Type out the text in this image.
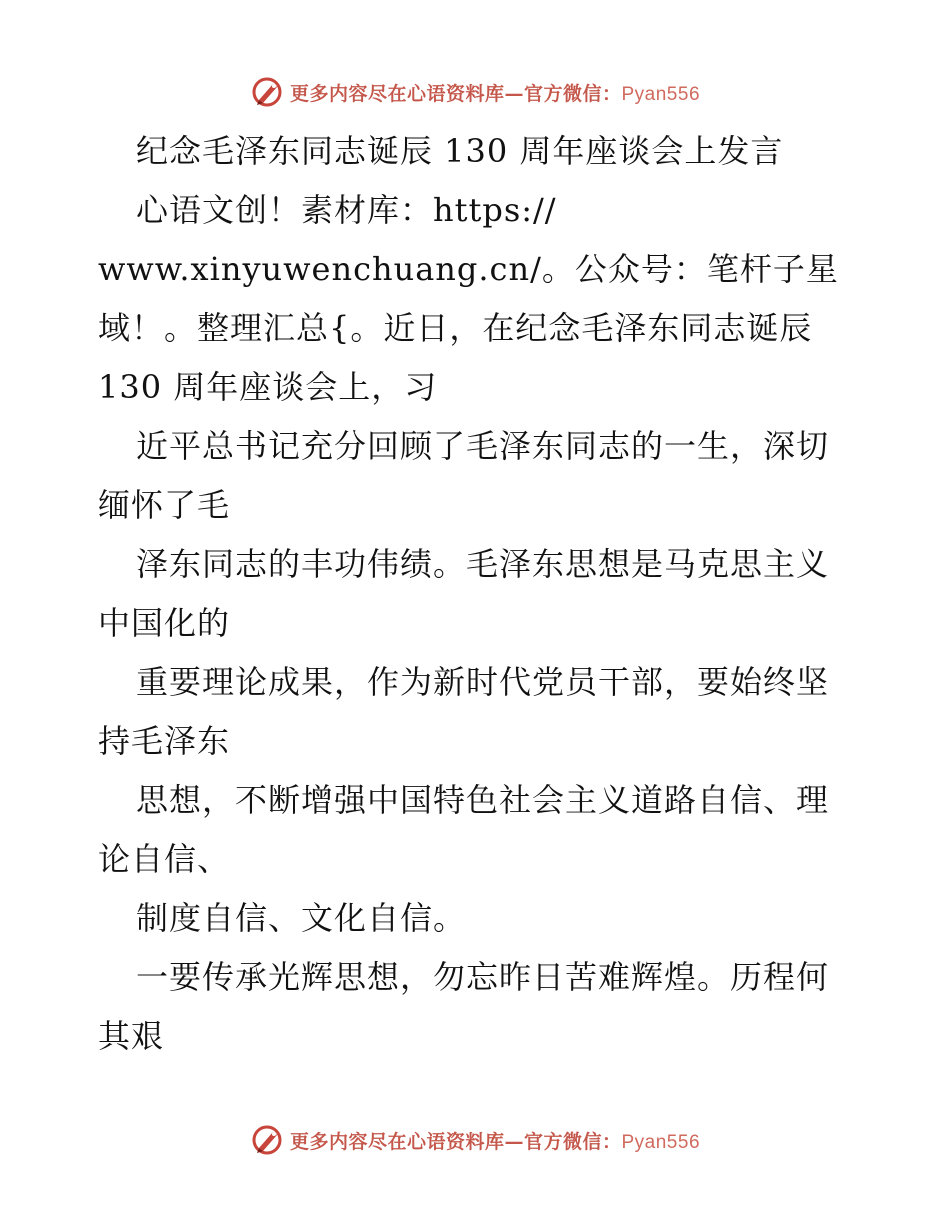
更多内容尽在心语资料库—官方微信：Pyan556
纪念毛泽东同志诞辰 130 周年座谈会上发言
心语文创！素材库：https://
www.xinyuwenchuang.cn/。公众号：笔杆子星
域！。整理汇总{。近日，在纪念毛泽东同志诞辰
130 周年座谈会上，习
近平总书记充分回顾了毛泽东同志的一生，深切
缅怀了毛
泽东同志的丰功伟绩。毛泽东思想是马克思主义
中国化的
重要理论成果，作为新时代党员干部，要始终坚
持毛泽东
思想，不断增强中国特色社会主义道路自信、理
论自信、
制度自信、文化自信。
一要传承光辉思想，勿忘昨日苦难辉煌。历程何
其艰
更多内容尽在心语资料库—官方微信：Pyan556
